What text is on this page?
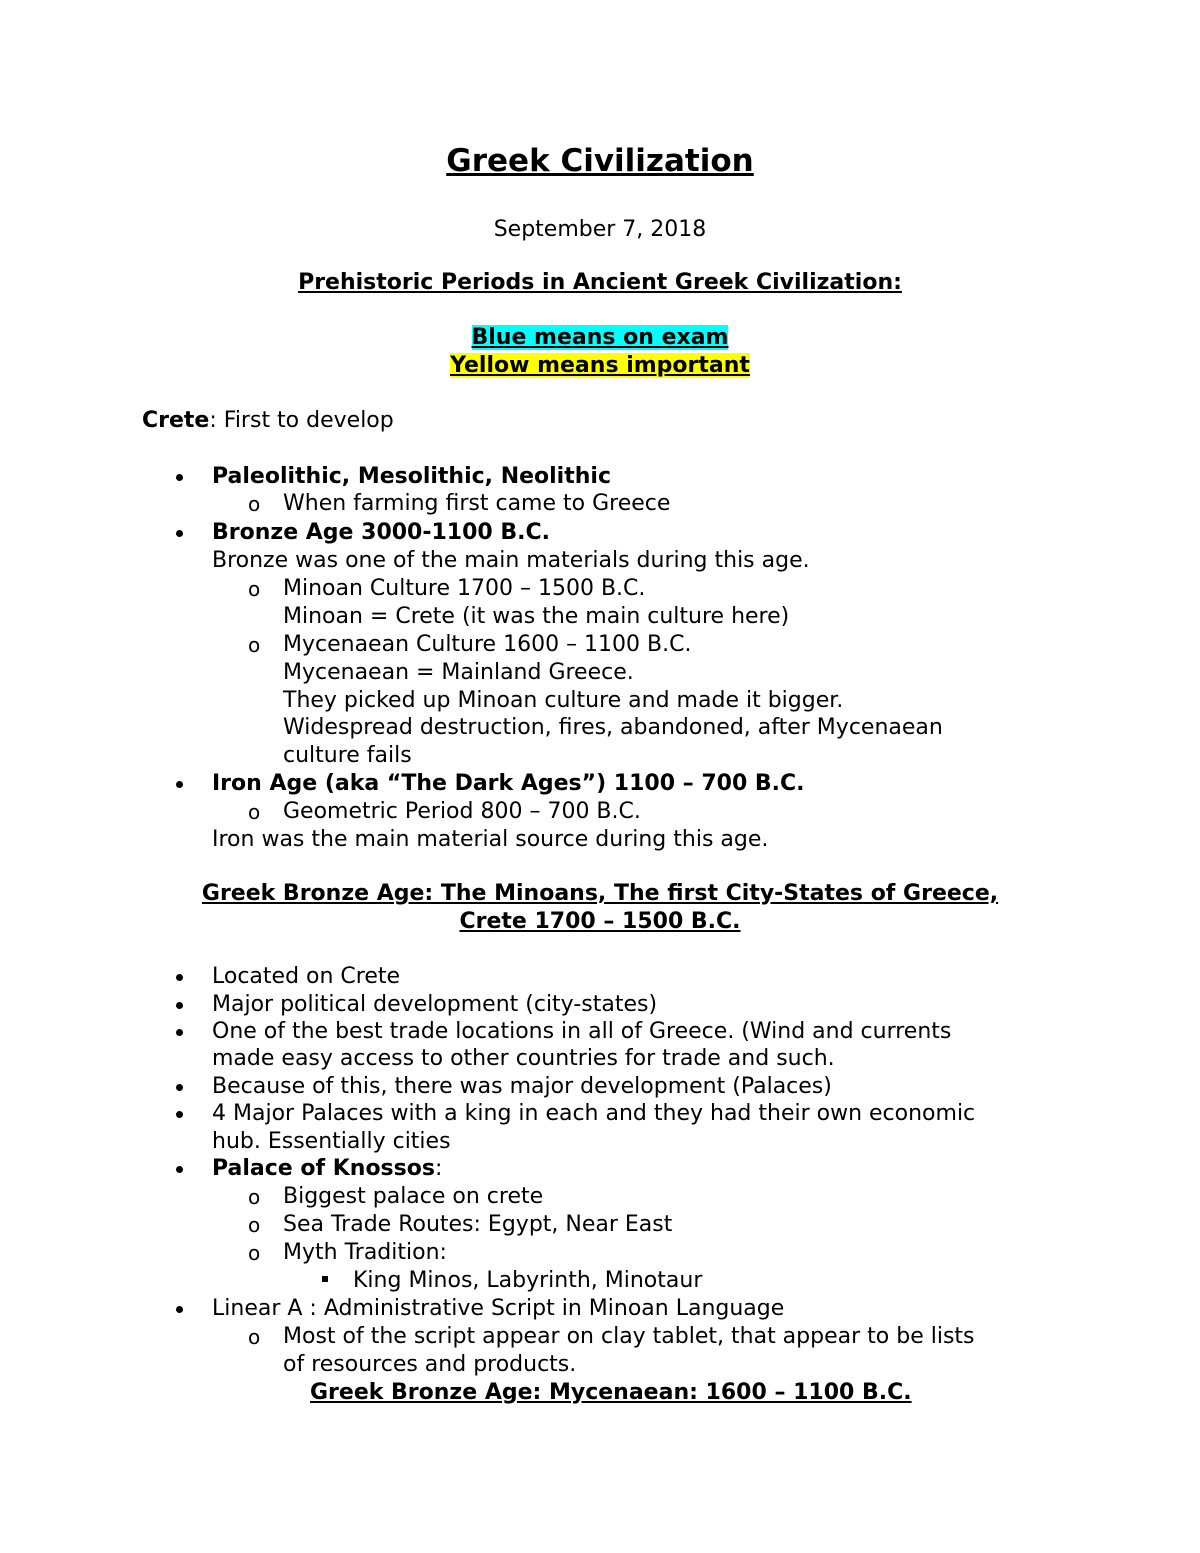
Greek Civilization
September 7, 2018
Prehistoric Periods in Ancient Greek Civilization:
Blue means on exam
Yellow means important
Crete: First to develop
Paleolithic, Mesolithic, Neolithic
o When farming first came to Greece
Bronze Age 3000-1100 B.C.
Bronze was one of the main materials during this age.
o Minoan Culture 1700 – 1500 B.C.
Minoan = Crete (it was the main culture here)
o Mycenaean Culture 1600 – 1100 B.C.
Mycenaean = Mainland Greece.
They picked up Minoan culture and made it bigger.
Widespread destruction, fires, abandoned, after Mycenaean
culture fails
Iron Age (aka “The Dark Ages”) 1100 – 700 B.C.
o Geometric Period 800 – 700 B.C.
Iron was the main material source during this age.
Greek Bronze Age: The Minoans, The first City-States of Greece,
Crete 1700 – 1500 B.C.
Located on Crete
Major political development (city-states)
One of the best trade locations in all of Greece. (Wind and currents
made easy access to other countries for trade and such.
Because of this, there was major development (Palaces)
4 Major Palaces with a king in each and they had their own economic
hub. Essentially cities
Palace of Knossos:
o Biggest palace on crete
o Sea Trade Routes: Egypt, Near East
o Myth Tradition:
King Minos, Labyrinth, Minotaur
Linear A : Administrative Script in Minoan Language
o Most of the script appear on clay tablet, that appear to be lists
of resources and products.
Greek Bronze Age: Mycenaean: 1600 – 1100 B.C.
